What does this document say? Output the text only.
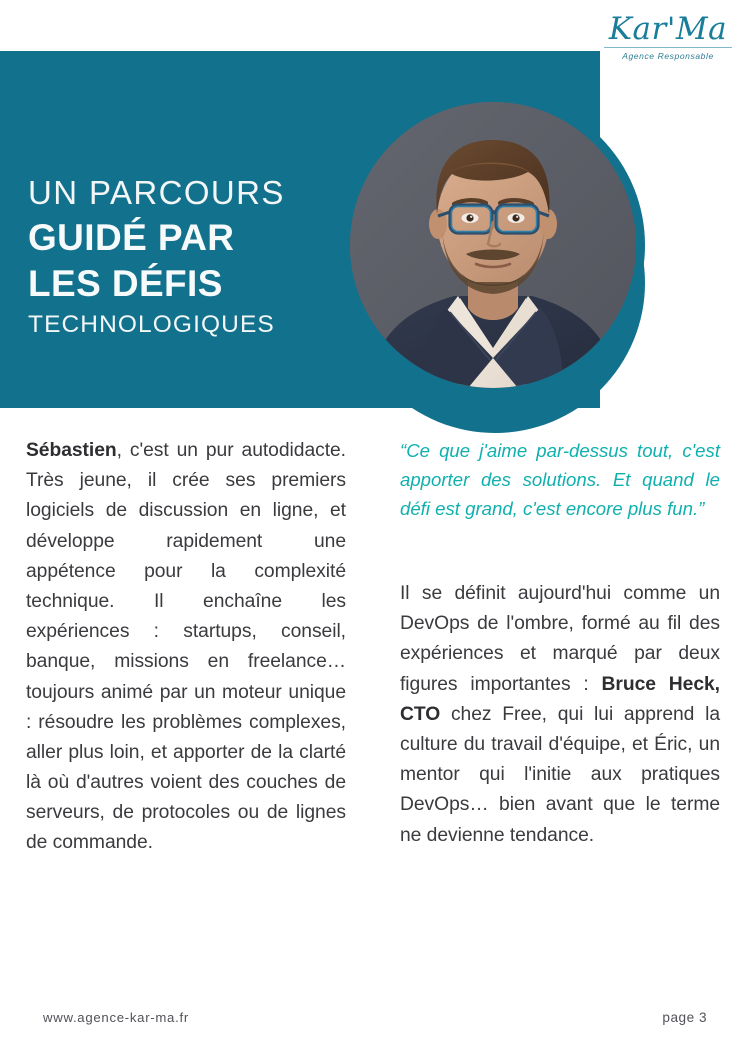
Kar'Ma
Agence Responsable
UN PARCOURS
GUIDÉ PAR
LES DÉFIS
TECHNOLOGIQUES

Sébastien, c'est un pur autodidacte. Très jeune, il crée ses premiers logiciels de discussion en ligne, et développe rapidement une appétence pour la complexité technique. Il enchaîne les expériences : startups, conseil, banque, missions en freelance… toujours animé par un moteur unique : résoudre les problèmes complexes, aller plus loin, et apporter de la clarté là où d'autres voient des couches de serveurs, de protocoles ou de lignes de commande.

“Ce que j'aime par-dessus tout, c'est apporter des solutions. Et quand le défi est grand, c'est encore plus fun.”

Il se définit aujourd'hui comme un DevOps de l'ombre, formé au fil des expériences et marqué par deux figures importantes : Bruce Heck, CTO chez Free, qui lui apprend la culture du travail d'équipe, et Éric, un mentor qui l'initie aux pratiques DevOps… bien avant que le terme ne devienne tendance.

www.agence-kar-ma.fr	page 3
